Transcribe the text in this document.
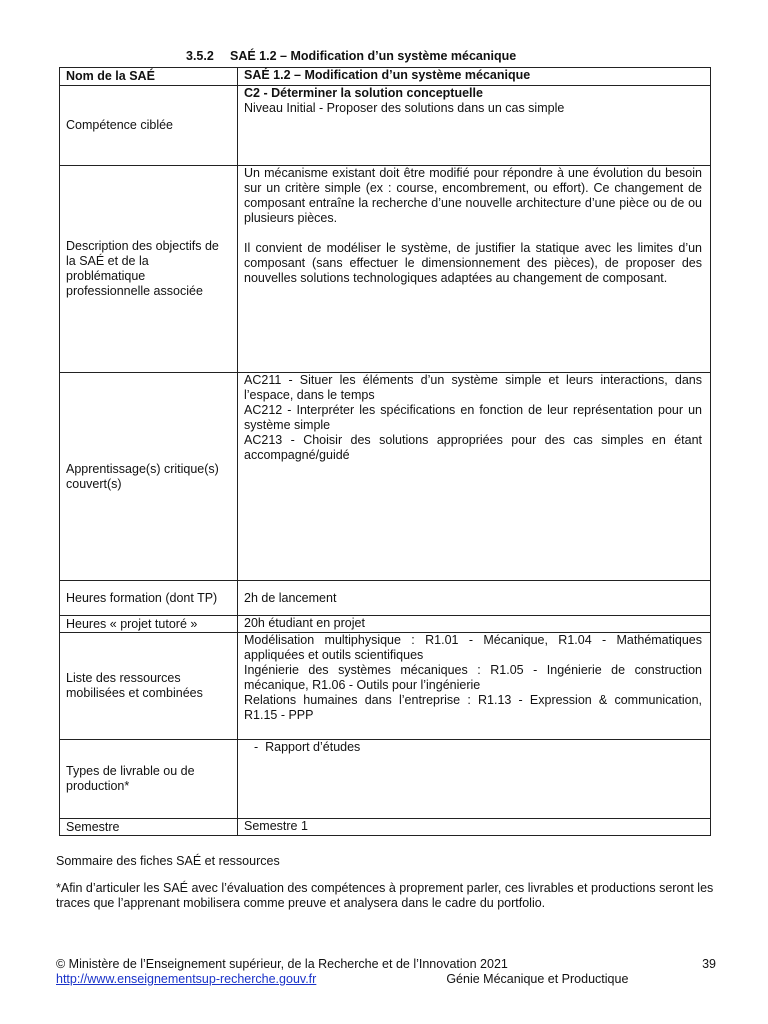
3.5.2 SAÉ 1.2 – Modification d’un système mécanique
Nom de la SAÉ	SAÉ 1.2 – Modification d’un système mécanique
Compétence ciblée	C2 - Déterminer la solution conceptuelle

Niveau Initial - Proposer des solutions dans un cas simple

Description des objectifs de la SAÉ et de la problématique professionnelle associée	Un mécanisme existant doit être modifié pour répondre à une évolution du besoin sur un critère simple (ex : course, encombrement, ou effort). Ce changement de composant entraîne la recherche d’une nouvelle architecture d’une pièce ou de ou plusieurs pièces.

Il convient de modéliser le système, de justifier la statique avec les limites d’un composant (sans effectuer le dimensionnement des pièces), de proposer des nouvelles solutions technologiques adaptées au changement de composant.

Apprentissage(s) critique(s) couvert(s)	AC211 - Situer les éléments d’un système simple et leurs interactions, dans l’espace, dans le temps

AC212 - Interpréter les spécifications en fonction de leur représentation pour un système simple

AC213 - Choisir des solutions appropriées pour des cas simples en étant accompagné/guidé

Heures formation (dont TP)	2h de lancement
Heures « projet tutoré »	20h étudiant en projet
Liste des ressources mobilisées et combinées	Modélisation multiphysique : R1.01 - Mécanique, R1.04 - Mathématiques appliquées et outils scientifiques

Ingénierie des systèmes mécaniques : R1.05 - Ingénierie de construction mécanique, R1.06 - Outils pour l’ingénierie

Relations humaines dans l’entreprise : R1.13 - Expression & communication, R1.15 - PPP

Types de livrable ou de production*	-  Rapport d’études

Semestre	Semestre 1
Sommaire des fiches SAÉ et ressources
*Afin d’articuler les SAÉ avec l’évaluation des compétences à proprement parler, ces livrables et productions seront les traces que l’apprenant mobilisera comme preuve et analysera dans le cadre du portfolio.
© Ministère de l’Enseignement supérieur, de la Recherche et de l’Innovation 2021	39
http://www.enseignementsup-recherche.gouv.fr	Génie Mécanique et Productique
